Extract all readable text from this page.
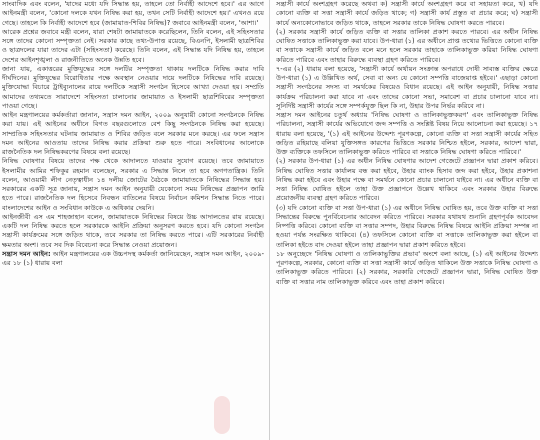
সাংবাদিক এবং বলেন, 'যাদের মধ্যে যদি সিদ্ধান্ত হয়, তাহলে তো নির্বাহী আদেশে হবে।' এর আগে আইনমন্ত্রী বলেন, 'কোনো দলকে যখন নিষিদ্ধ করা হয়, তখন সেটি নির্বাহী আদেশে হয়।' এখনও রয়ে গেছে। তাহলে কি নির্বাহী আদেশে হবে (জামায়াত-শিবির নিষিদ্ধ)? জবাবে আইনমন্ত্রী বলেন, 'আশা।'

আরেক প্রশ্নের জবাবে মন্ত্রী বলেন, যারা শেষটা জামায়াতকে করেছিলেন, তিনি বলেন, এই সহিংসতার সঙ্গে তাদের কোনো সম্পৃক্ততা নেই। সরকার কাছে তথ্য-উপাত্ত রয়েছে, বিএনপি, ইসলামী ছাত্রশিবির ও ছাত্রদলের যারা তাদের এটা (সহিংসতা) করেছে। তিনি বলেন, এই সিদ্ধান্ত যদি নিষিদ্ধ হয়, তাহলে দেশের আইনশৃঙ্খলা ও রাজনীতিতে অনেক উন্নতি হবে।

জানা যায়, একাত্তরের মুক্তিযুদ্ধের সঙ্গে দলটির সম্পৃক্ততা থাকায় দলটিকে নিষিদ্ধ করার দাবি দীর্ঘদিনের। মুক্তিযুদ্ধের বিরোধিতার পক্ষে অবস্থান নেওয়ার দায়ে দলটিকে নিষিদ্ধের দাবি রয়েছে। মুক্তিযোদ্ধা বিচারে ট্রাইব্যুনালের রায়ে দলটিকে সন্ত্রাসী সংগঠন হিসেবে আখ্যা দেওয়া হয়। সম্প্রতি আমাদের তথ্যমতে সারাদেশে সহিংসতা চালানোর জামায়াত ও ইসলামী ছাত্রশিবিরের সম্পৃক্ততা পাওয়া গেছে।

আইন মন্ত্রণালয়ের কর্মকর্তারা জানান, সন্ত্রাস দমন আইন, ২০০৯ অনুযায়ী কোনো সংগঠনকে নিষিদ্ধ করা যায়। এই আইনের অধীনে বিগত বছরগুলোতে বেশ কিছু সংগঠনকে নিষিদ্ধ করা হয়েছে। সাম্প্রতিক সহিংসতার ঘটনায় জামায়াত ও শিবির জড়িত বলে সরকার মনে করছে। এর ফলে সন্ত্রাস দমন আইনের আওতায় তাদের নিষিদ্ধ করার প্রক্রিয়া শুরু হতে পারে। সংবিধানের আলোকে রাজনৈতিক দল নিষিদ্ধকরণের বিষয়ে বলা রয়েছে।

নিষিদ্ধ ঘোষণার বিষয়ে তাদের পক্ষ থেকে আদালতে যাওয়ার সুযোগ রয়েছে। তবে জামায়াতে ইসলামীর আমির শফিকুর রহমান বলেছেন, সরকার এ সিদ্ধান্ত নিলে তা হবে অগণতান্ত্রিক। তিনি বলেন, আওয়ামী লীগ নেতৃত্বাধীন ১৪ দলীয় জোটের বৈঠকে জামায়াতকে নিষিদ্ধের সিদ্ধান্ত হয়। সরকারের একটি সূত্র জানায়, সন্ত্রাস দমন আইন অনুযায়ী যেকোনো সময় নিষিদ্ধের প্রজ্ঞাপন জারি হতে পারে। রাজনৈতিক দল হিসেবে নিবন্ধন বাতিলের বিষয়ে নির্বাচন কমিশন সিদ্ধান্ত নিতে পারে। বাংলাদেশের আইন ও সংবিধান কাউকে এ অধিকার দেয়নি।

আইনজীবী এস এম শাহজাহান বলেন, জামায়াতকে নিষিদ্ধের বিষয়ে উচ্চ আদালতের রায় রয়েছে। একটি দল নিষিদ্ধ করতে হলে সরকারকে আইনি প্রক্রিয়া অনুসরণ করতে হবে। যদি কোনো সংগঠন সন্ত্রাসী কার্যক্রমের সঙ্গে জড়িত থাকে, তবে সরকার তা নিষিদ্ধ করতে পারে। এটি সরকারের নির্বাহী ক্ষমতার অংশ। তবে সব দিক বিবেচনা করে সিদ্ধান্ত নেওয়া প্রয়োজন।

সন্ত্রাস দমন আইন: আইন মন্ত্রণালয়ের এক উচ্চপদস্থ কর্মকর্তা জানিয়েছেন, সন্ত্রাস দমন আইন, ২০০৯-এর ১৮ (১) ধারায় বলা

সন্ত্রাসী কার্যে অংশগ্রহণ করেছে অথবা ক) সন্ত্রাসী কার্যে অংশগ্রহণ করে বা সহায়তা করে, খ) যদি কোনো ব্যক্তি বা সত্তা সন্ত্রাসী কার্যে জড়িত থাকে; গ) সন্ত্রাসী কার্য প্রস্তুত বা প্রচার করে; ঘ) সন্ত্রাসী কার্যে অন্যকোনোভাবে জড়িত থাকে, তাহলে সরকার তাকে নিষিদ্ধ ঘোষণা করতে পারবে।

(২) সরকার সন্ত্রাসী কার্যে জড়িত ব্যক্তি বা সত্তার তালিকা প্রকাশ করতে পারবে। এর অধীন নিষিদ্ধ ঘোষিত সত্তাকে তালিকাভুক্ত করা যাবে। উপ-ধারা (১) এর অধীনে প্রাপ্ত তথ্যের ভিত্তিতে কোনো ব্যক্তি বা সত্তাকে সন্ত্রাসী কার্যে জড়িত বলে মনে হলে সরকার তাহাকে তালিকাভুক্ত করিয়া নিষিদ্ধ ঘোষণা করিতে পারিবে এবং তাহার বিরুদ্ধে ব্যবস্থা গ্রহণ করিতে পারিবে।

৭-এর (২) ধারায় বলা হয়েছে, 'সন্ত্রাসী কার্যে অর্থায়ন সংক্রান্ত অপরাধে দোষী সাব্যস্ত ব্যক্তির ক্ষেত্রে উপ-ধারা (১) এ উল্লিখিত অর্থ, সেবা বা অন্য যে কোনো সম্পত্তি বাজেয়াপ্ত হইবে।' এছাড়া কোনো সন্ত্রাসী সংগঠনের সদস্য বা সমর্থকের বিষয়েও বিধান রয়েছে। এই আইন অনুযায়ী, নিষিদ্ধ সত্তার কার্যক্রম পরিচালনা করা যাবে না এবং তাদের কোনো সভা, সমাবেশ বা প্রচার চালানো যাবে না। সুনির্দিষ্ট সন্ত্রাসী কার্যের সঙ্গে সম্পর্কযুক্ত ছিল কি না, উহার উপর নির্ভর করিবে না।

সন্ত্রাস দমন আইনের চতুর্থ অধ্যায় 'নিষিদ্ধ ঘোষণা ও তালিকাভুক্তকরণ' এবং তালিকাভুক্ত নিষিদ্ধ পরিচালনা, সন্ত্রাসী কার্যের অভিযোগে জব্দ সম্পত্তি ও সংশ্লিষ্ট বিষয় নিয়ে আলোচনা করা হয়েছে। ১৭ ধারায় বলা হয়েছে, '(১) এই আইনের উদ্দেশ্য পূরণকল্পে, কোনো ব্যক্তি বা সত্তা সন্ত্রাসী কার্যের সহিত জড়িত রহিয়াছে বলিয়া যুক্তিসঙ্গত কারণের ভিত্তিতে সরকার নিশ্চিত হইলে, সরকার, আদেশ দ্বারা, উক্ত ব্যক্তিকে তফসিলে তালিকাভুক্ত করিতে পারিবে বা সত্তাকে নিষিদ্ধ ঘোষণা করিতে পারিবে।'

(২) সরকার উপ-ধারা (১) এর অধীন নিষিদ্ধ ঘোষণার আদেশ গেজেটে প্রজ্ঞাপন দ্বারা প্রকাশ করিবে। নিষিদ্ধ ঘোষিত সত্তার কার্যালয় বন্ধ করা হইবে, উহার ব্যাংক হিসাব জব্দ করা হইবে, উহার প্রকাশনা নিষিদ্ধ করা হইবে এবং উহার পক্ষে বা সমর্থনে কোনো প্রচার চালানো যাইবে না। এর অধীনে ব্যক্তি বা সত্তা নিষিদ্ধ ঘোষিত হইলে তাহা উক্ত প্রজ্ঞাপনে উল্লেখ থাকিবে এবং সরকার উহার বিরুদ্ধে প্রয়োজনীয় ব্যবস্থা গ্রহণ করিতে পারিবে।

(৩) যদি কোনো ব্যক্তি বা সত্তা উপ-ধারা (১) এর অধীনে নিষিদ্ধ ঘোষিত হয়, তবে উক্ত ব্যক্তি বা সত্তা সিদ্ধান্তের বিরুদ্ধে পুনর্বিবেচনার আবেদন করিতে পারিবে। সরকার যথাযথ শুনানি গ্রহণপূর্বক আবেদন নিষ্পত্তি করিবে। কোনো ব্যক্তি বা সত্তার সম্পদ, উহার বিরুদ্ধে নিষিদ্ধ বিষয়ে আইনি প্রক্রিয়া সম্পন্ন না হওয়া পর্যন্ত সংরক্ষিত থাকিবে। (৪) তফসিলে কোনো ব্যক্তি বা সত্তাকে তালিকাভুক্ত করা হইলে বা তালিকা হইতে বাদ দেওয়া হইলে তাহা প্রজ্ঞাপন দ্বারা প্রকাশ করিতে হইবে।

১৮ অনুচ্ছেদে 'নিষিদ্ধ ঘোষণা ও তালিকাভুক্তির প্রভাব' অংশে বলা আছে, (১) এই আইনের উদ্দেশ্য পূরণকল্পে, সরকার, কোনো ব্যক্তি বা সত্তা সন্ত্রাসী কার্যে জড়িত থাকিলে উক্ত সত্তাকে নিষিদ্ধ ঘোষণা ও তালিকাভুক্ত করিতে পারিবে। (২) সরকার, সরকারি গেজেটে প্রজ্ঞাপন দ্বারা, নিষিদ্ধ ঘোষিত উক্ত ব্যক্তি বা সত্তার নাম তালিকাভুক্ত করিবে এবং তাহা প্রকাশ করিবে।
